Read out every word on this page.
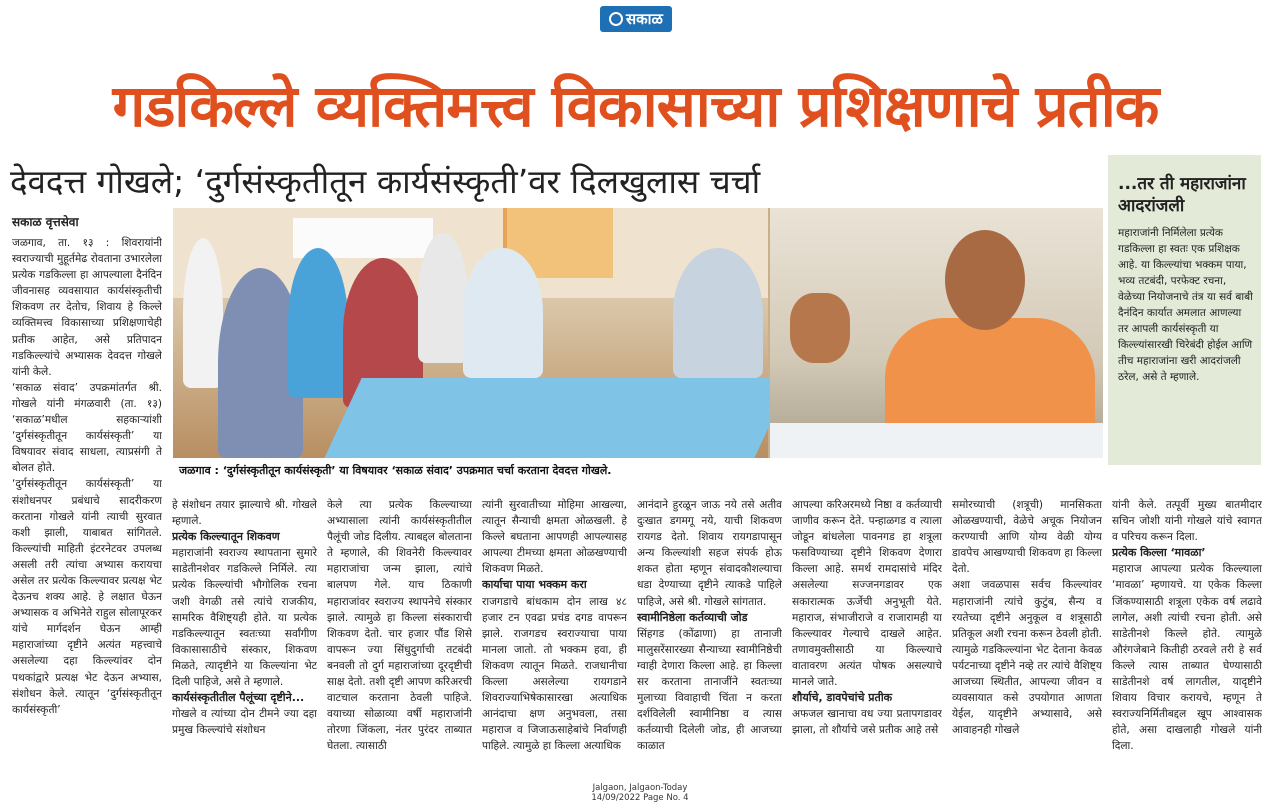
सकाळ
गडकिल्ले व्यक्तिमत्त्व विकासाच्या प्रशिक्षणाचे प्रतीक
देवदत्त गोखले; ‘दुर्गसंस्कृतीतून कार्यसंस्कृती’वर दिलखुलास चर्चा
सकाळ वृत्तसेवा
...तर ती महाराजांना आदरांजली
महाराजांनी निर्मिलेला प्रत्येक गडकिल्ला हा स्वतः एक प्रशिक्षक आहे. या किल्ल्यांचा भक्कम पाया, भव्य तटबंदी, परफेक्ट रचना, वेळेच्या नियोजनाचे तंत्र या सर्व बाबी दैनंदिन कार्यात अमलात आणल्या तर आपली कार्यसंस्कृती या किल्ल्यांसारखी चिरेबंदी होईल आणि तीच महाराजांना खरी आदरांजली ठरेल, असे ते म्हणाले.
जळगाव : ‘दुर्गसंस्कृतीतून कार्यसंस्कृती’ या विषयावर ‘सकाळ संवाद’ उपक्रमात चर्चा करताना देवदत्त गोखले.

जळगाव, ता. १३ : शिवरायांनी स्वराज्याची मुहूर्तमेढ रोवताना उभारलेला प्रत्येक गडकिल्ला हा आपल्याला दैनंदिन जीवनासह व्यवसायात कार्यसंस्कृतीची शिकवण तर देतोच, शिवाय हे किल्ले व्यक्तिमत्त्व विकासाच्या प्रशिक्षणाचेही प्रतीक आहेत, असे प्रतिपादन गडकिल्ल्यांचे अभ्यासक देवदत्त गोखले यांनी केले.

‘सकाळ संवाद’ उपक्रमांतर्गत श्री. गोखले यांनी मंगळवारी (ता. १३) ‘सकाळ’मधील सहकाऱ्यांशी ‘दुर्गसंस्कृतीतून कार्यसंस्कृती’ या विषयावर संवाद साधला, त्याप्रसंगी ते बोलत होते.

‘दुर्गसंस्कृतीतून कार्यसंस्कृती’ या संशोधनपर प्रबंधाचे सादरीकरण करताना गोखले यांनी त्याची सुरवात कशी झाली, याबाबत सांगितले. किल्ल्यांची माहिती इंटरनेटवर उपलब्ध असली तरी त्यांचा अभ्यास करायचा असेल तर प्रत्येक किल्ल्यावर प्रत्यक्ष भेट देऊनच शक्य आहे. हे लक्षात घेऊन अभ्यासक व अभिनेते राहुल सोलापूरकर यांचे मार्गदर्शन घेऊन आम्ही महाराजांच्या दृष्टीने अत्यंत महत्त्वाचे असलेल्या दहा किल्ल्यांवर दोन पथकांद्वारे प्रत्यक्ष भेट देऊन अभ्यास, संशोधन केले. त्यातून ‘दुर्गसंस्कृतीतून कार्यसंस्कृती’

हे संशोधन तयार झाल्याचे श्री. गोखले म्हणाले.

प्रत्येक किल्ल्यातून शिकवण

महाराजांनी स्वराज्य स्थापताना सुमारे साडेतीनशेवर गडकिल्ले निर्मिले. त्या प्रत्येक किल्ल्यांची भौगोलिक रचना जशी वेगळी तसे त्यांचे राजकीय, सामरिक वैशिष्ट्यही होते. या प्रत्येक गडकिल्ल्यातून स्वतःच्या सर्वांगीण विकासासाठीचे संस्कार, शिकवण मिळते, त्यादृष्टीने या किल्ल्यांना भेट दिली पाहिजे, असे ते म्हणाले.

कार्यसंस्कृतीतील पैलूंच्या दृष्टीने...

गोखले व त्यांच्या दोन टीमने ज्या दहा प्रमुख किल्ल्यांचे संशोधन

केले त्या प्रत्येक किल्ल्याच्या अभ्यासाला त्यांनी कार्यसंस्कृतीतील पैलूंची जोड दिलीय. त्याबद्दल बोलताना ते म्हणाले, की शिवनेरी किल्ल्यावर महाराजांचा जन्म झाला, त्यांचे बालपण गेले. याच ठिकाणी महाराजांवर स्वराज्य स्थापनेचे संस्कार झाले. त्यामुळे हा किल्ला संस्काराची शिकवण देतो. चार हजार पौंड शिसे वापरून ज्या सिंधुदुर्गाची तटबंदी बनवली तो दुर्ग महाराजांच्या दूरदृष्टीची साक्ष देतो. तशी दृष्टी आपण करिअरची वाटचाल करताना ठेवली पाहिजे. वयाच्या सोळाव्या वर्षी महाराजांनी तोरणा जिंकला, नंतर पुरंदर ताब्यात घेतला. त्यासाठी

त्यांनी सुरवातीच्या मोहिमा आखल्या, त्यातून सैन्याची क्षमता ओळखली. हे किल्ले बघताना आपणही आपल्यासह आपल्या टीमच्या क्षमता ओळखण्याची शिकवण मिळते.

कार्याचा पाया भक्कम करा

राजगडाचे बांधकाम दोन लाख ४८ हजार टन एवढा प्रचंड दगड वापरून झाले. राजगडच स्वराज्याचा पाया मानला जातो. तो भक्कम हवा, ही शिकवण त्यातून मिळते. राजधानीचा किल्ला असलेल्या रायगडाने शिवराज्याभिषेकासारखा अत्याधिक आनंदाचा क्षण अनुभवला, तसा महाराज व जिजाऊसाहेबांचे निर्वाणही पाहिले. त्यामुळे हा किल्ला अत्याधिक

आनंदाने हुरळून जाऊ नये तसे अतीव दुःखात डगमगू नये, याची शिकवण रायगड देतो. शिवाय रायगडापासून अन्य किल्ल्यांशी सहज संपर्क होऊ शकत होता म्हणून संवादकौशल्याचा धडा देण्याच्या दृष्टीने त्याकडे पाहिले पाहिजे, असे श्री. गोखले सांगतात.

स्वामीनिष्ठेला कर्तव्याची जोड

सिंहगड (कोंढाणा) हा तानाजी मालुसरेंसारख्या सैन्याच्या स्वामीनिष्ठेची ग्वाही देणारा किल्ला आहे. हा किल्ला सर करताना तानाजींने स्वतःच्या मुलाच्या विवाहाची चिंता न करता दर्शविलेली स्वामीनिष्ठा व त्यास कर्तव्याची दिलेली जोड, ही आजच्या काळात

आपल्या करिअरमध्ये निष्ठा व कर्तव्याची जाणीव करून देते. पन्हाळगड व त्याला जोडून बांधलेला पावनगड हा शत्रूला फसविण्याच्या दृष्टीने शिकवण देणारा किल्ला आहे. समर्थ रामदासांचे मंदिर असलेल्या सज्जनगडावर एक सकारात्मक ऊर्जेची अनुभूती येते. महाराज, संभाजीराजे व राजारामही या किल्ल्यावर गेल्याचे दाखले आहेत. तणावमुक्तीसाठी या किल्ल्याचे वातावरण अत्यंत पोषक असल्याचे मानले जाते.

शौर्याचे, डावपेचांचे प्रतीक

अफजल खानाचा वध ज्या प्रतापगडावर झाला, तो शौर्याचे जसे प्रतीक आहे तसे

समोरच्याची (शत्रूची) मानसिकता ओळखण्याची, वेळेचे अचूक नियोजन करण्याची आणि योग्य वेळी योग्य डावपेच आखण्याची शिकवण हा किल्ला देतो.

अशा जवळपास सर्वच किल्ल्यांवर महाराजांनी त्यांचे कुटुंब, सैन्य व रयतेच्या दृष्टीने अनुकूल व शत्रूसाठी प्रतिकूल अशी रचना करून ठेवली होती. त्यामुळे गडकिल्ल्यांना भेट देताना केवळ पर्यटनाच्या दृष्टीने नव्हे तर त्यांचे वैशिष्ट्य आजच्या स्थितीत, आपल्या जीवन व व्यवसायात कसे उपयोगात आणता येईल, यादृष्टीने अभ्यासावे, असे आवाहनही गोखले

यांनी केले. तत्पूर्वी मुख्य बातमीदार सचिन जोशी यांनी गोखले यांचे स्वागत व परिचय करून दिला.

प्रत्येक किल्ला ‘मावळा’

महाराज आपल्या प्रत्येक किल्ल्याला ‘मावळा’ म्हणायचे. या एकेक किल्ला जिंकण्यासाठी शत्रूला एकेक वर्ष लढावे लागेल, अशी त्यांची रचना होती. असे साडेतीनशे किल्ले होते. त्यामुळे औरंगजेबाने कितीही ठरवले तरी हे सर्व किल्ले त्यास ताब्यात घेण्यासाठी साडेतीनशे वर्ष लागतील, यादृष्टीने शिवाय विचार करायचे, म्हणून ते स्वराज्यनिर्मितीबद्दल खूप आश्वासक होते, असा दाखलाही गोखले यांनी दिला.

Jalgaon, Jalgaon-Today
14/09/2022 Page No. 4
